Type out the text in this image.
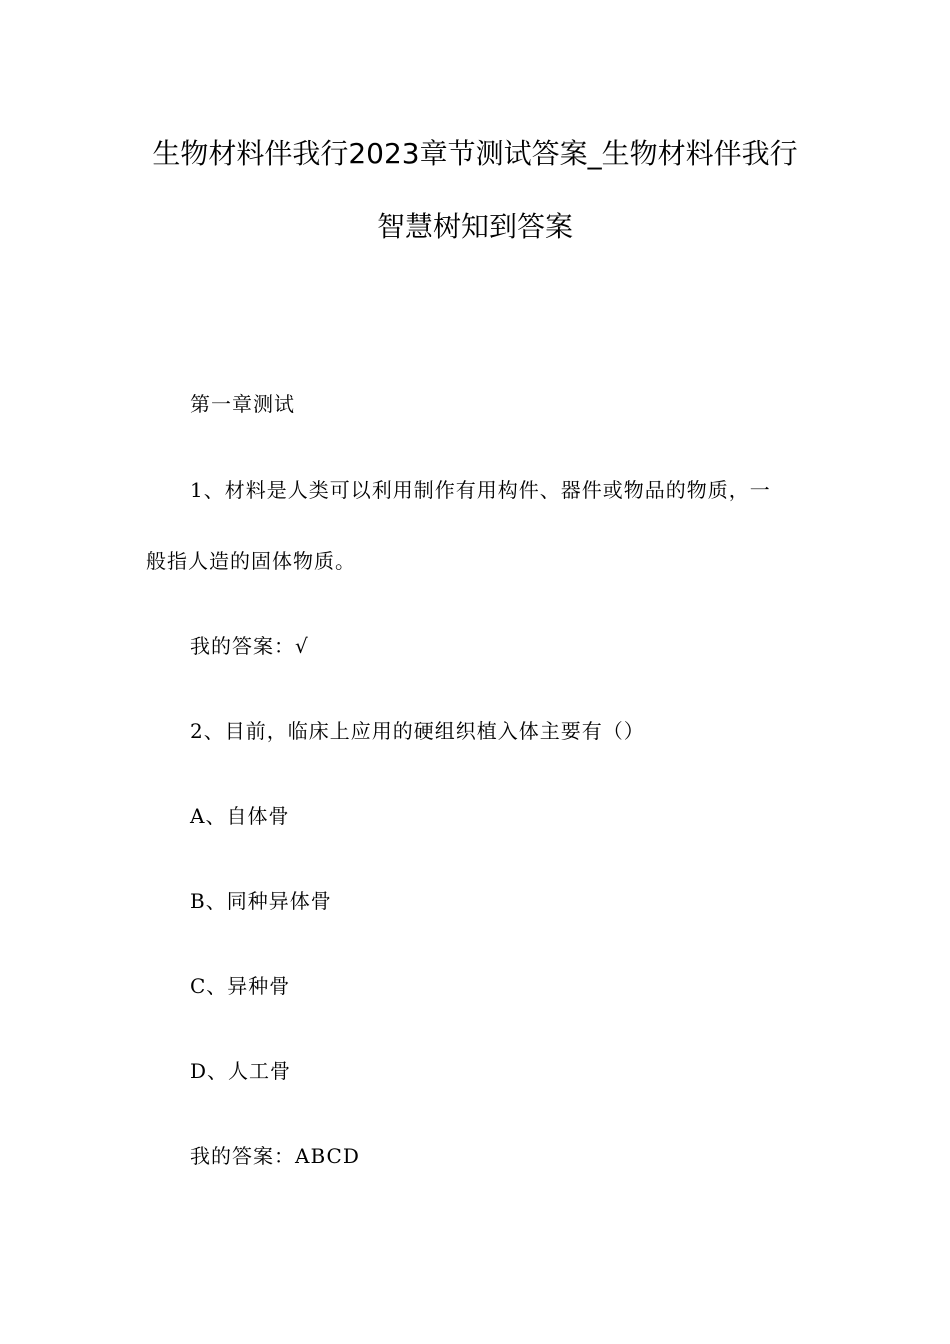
生物材料伴我行2023章节测试答案_生物材料伴我行
智慧树知到答案
第一章测试
1、材料是人类可以利用制作有用构件、器件或物品的物质，一
般指人造的固体物质。
我的答案：√
2、目前，临床上应用的硬组织植入体主要有（）
A、自体骨
B、同种异体骨
C、异种骨
D、人工骨
我的答案：ABCD
